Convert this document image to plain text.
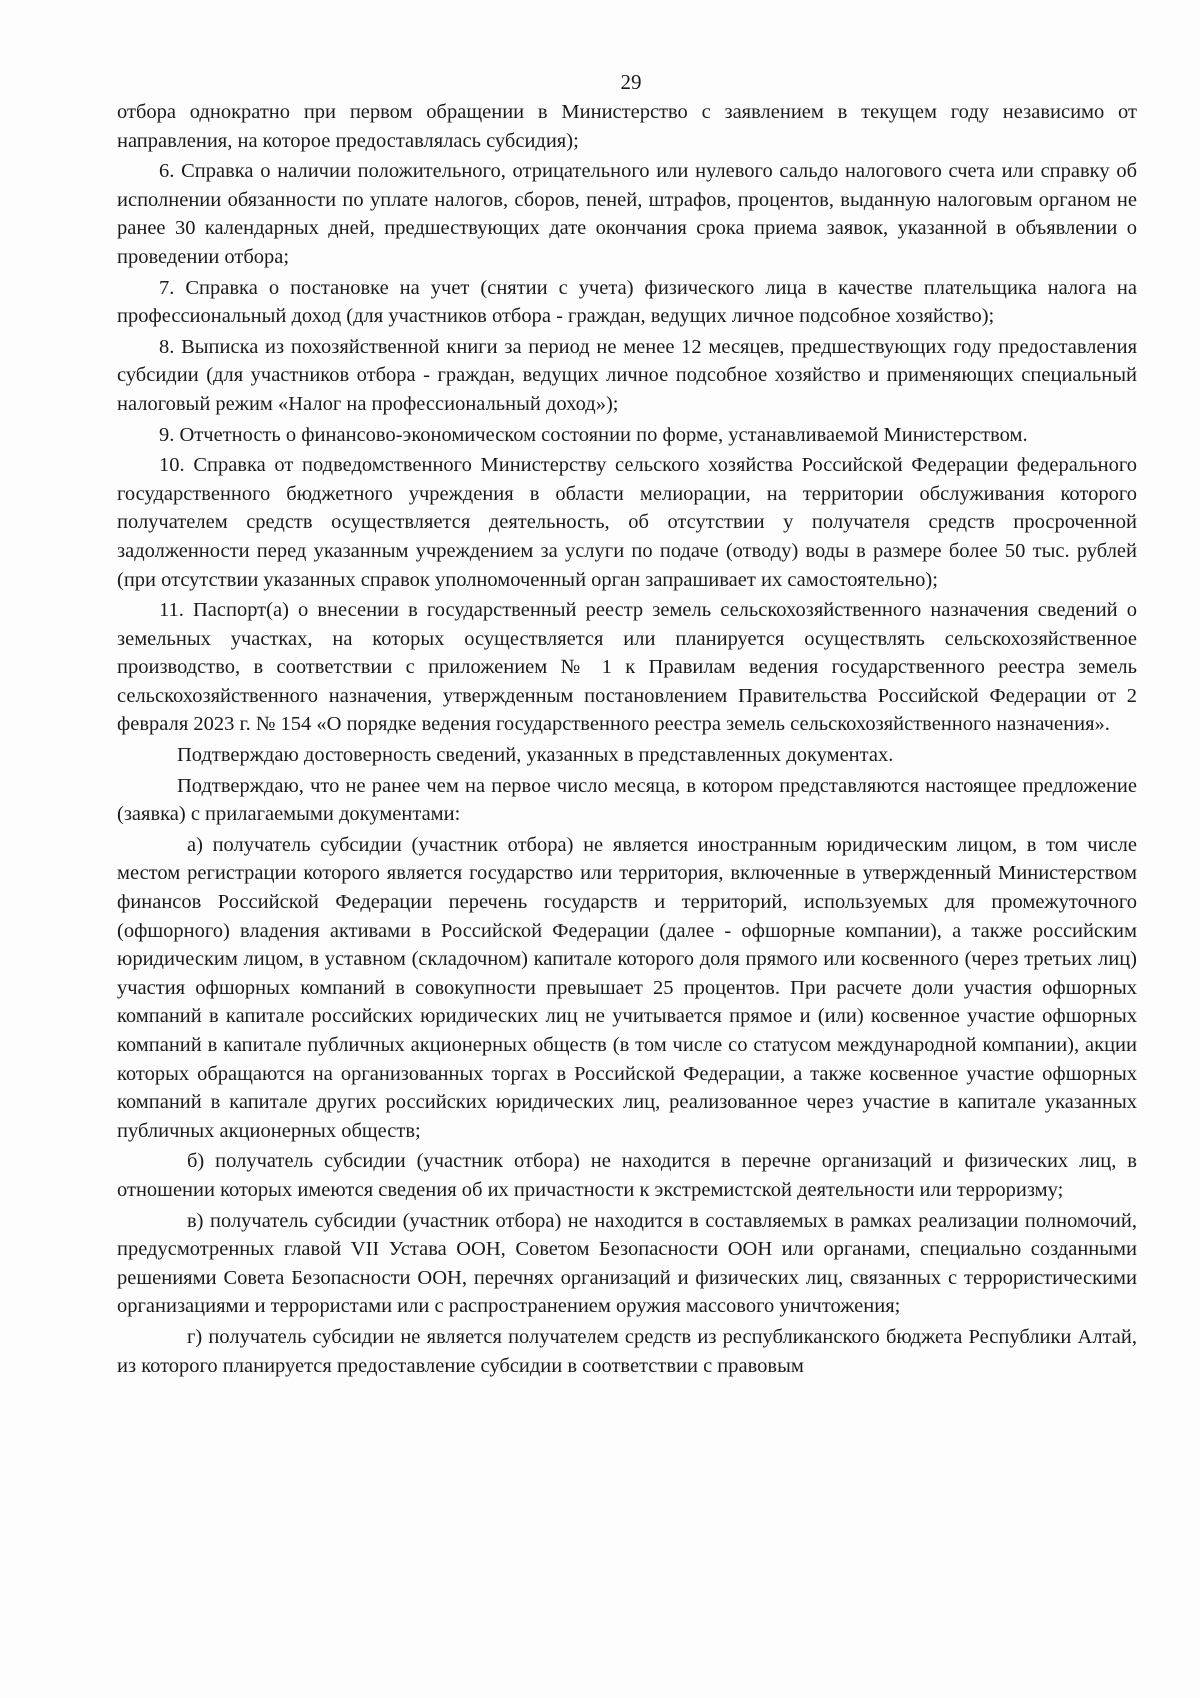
29

отбора однократно при первом обращении в Министерство с заявлением в текущем году независимо от направления, на которое предоставлялась субсидия);

6. Справка о наличии положительного, отрицательного или нулевого сальдо налогового счета или справку об исполнении обязанности по уплате налогов, сборов, пеней, штрафов, процентов, выданную налоговым органом не ранее 30 календарных дней, предшествующих дате окончания срока приема заявок, указанной в объявлении о проведении отбора;

7. Справка о постановке на учет (снятии с учета) физического лица в качестве плательщика налога на профессиональный доход (для участников отбора - граждан, ведущих личное подсобное хозяйство);

8. Выписка из похозяйственной книги за период не менее 12 месяцев, предшествующих году предоставления субсидии (для участников отбора - граждан, ведущих личное подсобное хозяйство и применяющих специальный налоговый режим «Налог на профессиональный доход»);

9. Отчетность о финансово-экономическом состоянии по форме, устанавливаемой Министерством.

10. Справка от подведомственного Министерству сельского хозяйства Российской Федерации федерального государственного бюджетного учреждения в области мелиорации, на территории обслуживания которого получателем средств осуществляется деятельность, об отсутствии у получателя средств просроченной задолженности перед указанным учреждением за услуги по подаче (отводу) воды в размере более 50 тыс. рублей (при отсутствии указанных справок уполномоченный орган запрашивает их самостоятельно);

11. Паспорт(а) о внесении в государственный реестр земель сельскохозяйственного назначения сведений о земельных участках, на которых осуществляется или планируется осуществлять сельскохозяйственное производство, в соответствии с приложением № 1 к Правилам ведения государственного реестра земель сельскохозяйственного назначения, утвержденным постановлением Правительства Российской Федерации от 2 февраля 2023 г. № 154 «О порядке ведения государственного реестра земель сельскохозяйственного назначения».

Подтверждаю достоверность сведений, указанных в представленных документах.

Подтверждаю, что не ранее чем на первое число месяца, в котором представляются настоящее предложение (заявка) с прилагаемыми документами:

а) получатель субсидии (участник отбора) не является иностранным юридическим лицом, в том числе местом регистрации которого является государство или территория, включенные в утвержденный Министерством финансов Российской Федерации перечень государств и территорий, используемых для промежуточного (офшорного) владения активами в Российской Федерации (далее - офшорные компании), а также российским юридическим лицом, в уставном (складочном) капитале которого доля прямого или косвенного (через третьих лиц) участия офшорных компаний в совокупности превышает 25 процентов. При расчете доли участия офшорных компаний в капитале российских юридических лиц не учитывается прямое и (или) косвенное участие офшорных компаний в капитале публичных акционерных обществ (в том числе со статусом международной компании), акции которых обращаются на организованных торгах в Российской Федерации, а также косвенное участие офшорных компаний в капитале других российских юридических лиц, реализованное через участие в капитале указанных публичных акционерных обществ;

б) получатель субсидии (участник отбора) не находится в перечне организаций и физических лиц, в отношении которых имеются сведения об их причастности к экстремистской деятельности или терроризму;

в) получатель субсидии (участник отбора) не находится в составляемых в рамках реализации полномочий, предусмотренных главой VII Устава ООН, Советом Безопасности ООН или органами, специально созданными решениями Совета Безопасности ООН, перечнях организаций и физических лиц, связанных с террористическими организациями и террористами или с распространением оружия массового уничтожения;

г) получатель субсидии не является получателем средств из республиканского бюджета Республики Алтай, из которого планируется предоставление субсидии в соответствии с правовым
